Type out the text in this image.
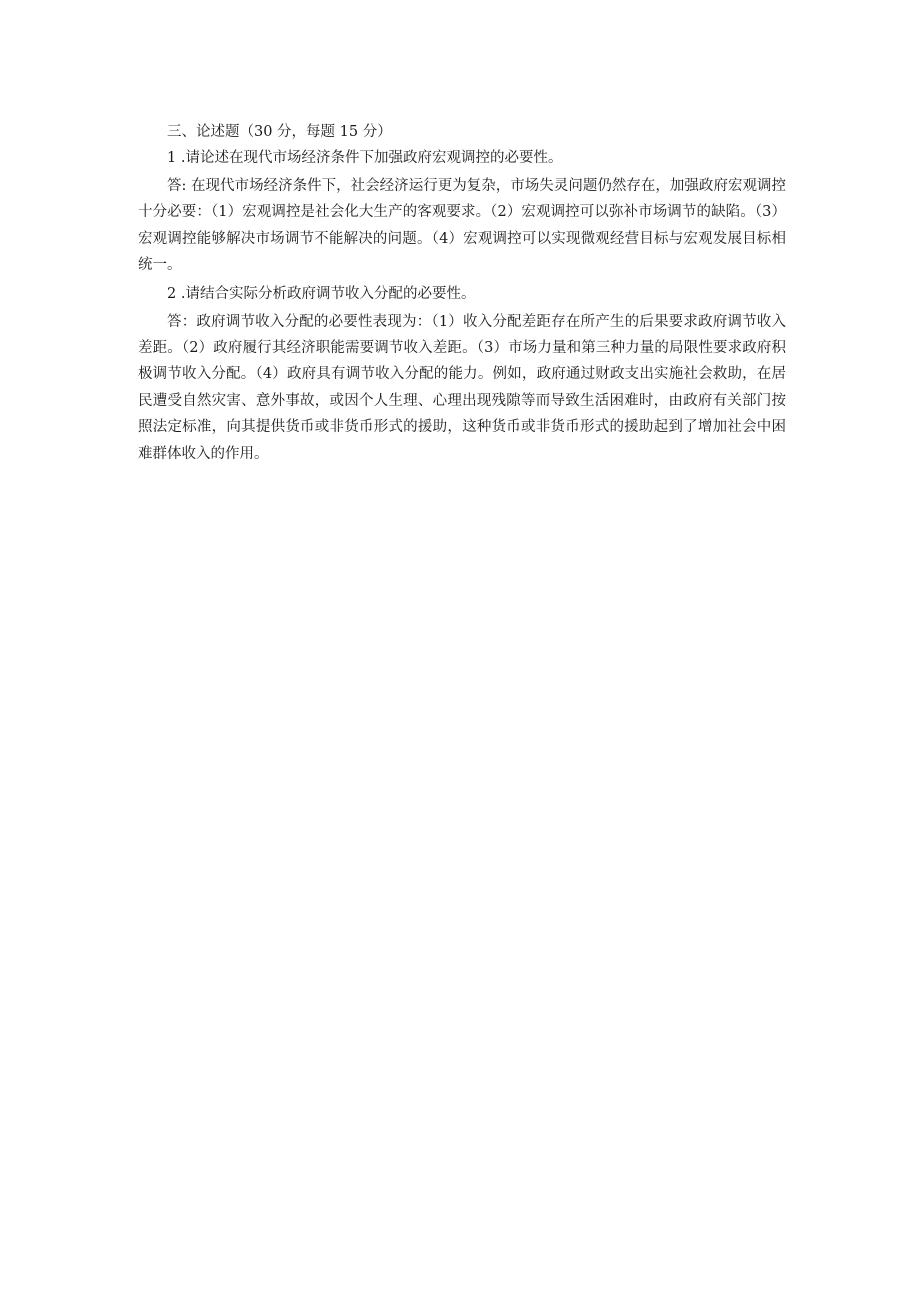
三、论述题（30 分，每题 15 分）

1 .请论述在现代市场经济条件下加强政府宏观调控的必要性。

答: 在现代市场经济条件下，社会经济运行更为复杂，市场失灵问题仍然存在，加强政府宏观调控十分必要：（1）宏观调控是社会化大生产的客观要求。（2）宏观调控可以弥补市场调节的缺陷。（3）宏观调控能够解决市场调节不能解决的问题。（4）宏观调控可以实现微观经营目标与宏观发展目标相统一。

2 .请结合实际分析政府调节收入分配的必要性。

答：政府调节收入分配的必要性表现为：（1）收入分配差距存在所产生的后果要求政府调节收入差距。（2）政府履行其经济职能需要调节收入差距。（3）市场力量和第三种力量的局限性要求政府积极调节收入分配。（4）政府具有调节收入分配的能力。例如，政府通过财政支出实施社会救助，在居民遭受自然灾害、意外事故，或因个人生理、心理出现残隙等而导致生活困难时，由政府有关部门按照法定标准，向其提供货币或非货币形式的援助，这种货币或非货币形式的援助起到了增加社会中困难群体收入的作用。
